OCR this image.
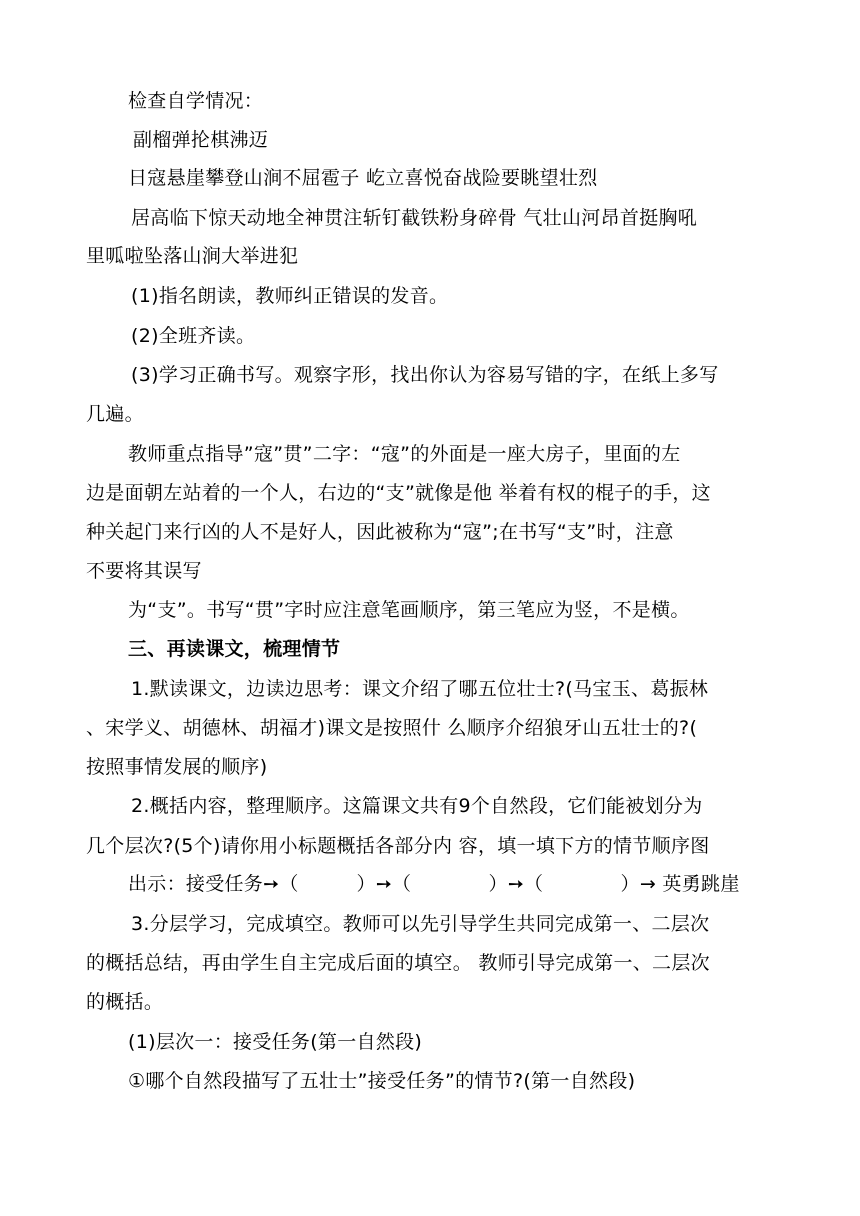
检查自学情况：
副榴弹抡棋沸迈
日寇悬崖攀登山涧不屈雹子 屹立喜悦奋战险要眺望壮烈
居高临下惊天动地全神贯注斩钉截铁粉身碎骨 气壮山河昂首挺胸吼
里呱啦坠落山涧大举进犯
(1)指名朗读，教师纠正错误的发音。
(2)全班齐读。
(3)学习正确书写。观察字形，找出你认为容易写错的字，在纸上多写
几遍。
教师重点指导”寇”贯”二字：“寇”的外面是一座大房子，里面的左
边是面朝左站着的一个人，右边的“支”就像是他 举着有权的棍子的手，这
种关起门来行凶的人不是好人，因此被称为“寇”;在书写“支”时，注意
不要将其误写
为“支”。书写“贯”字时应注意笔画顺序，第三笔应为竖，不是横。
三、再读课文，梳理情节
1.默读课文，边读边思考：课文介绍了哪五位壮士?(马宝玉、葛振林
、宋学义、胡德林、胡福才)课文是按照什 么顺序介绍狼牙山五壮士的?(
按照事情发展的顺序)
2.概括内容，整理顺序。这篇课文共有9个自然段，它们能被划分为
几个层次?(5个)请你用小标题概括各部分内 容，填一填下方的情节顺序图
出示：接受任务➙（　　　）➙（　　　　）➙（　　　　）→ 英勇跳崖
3.分层学习，完成填空。教师可以先引导学生共同完成第一、二层次
的概括总结，再由学生自主完成后面的填空。 教师引导完成第一、二层次
的概括。
(1)层次一：接受任务(第一自然段)
①哪个自然段描写了五壮士”接受任务”的情节?(第一自然段)
